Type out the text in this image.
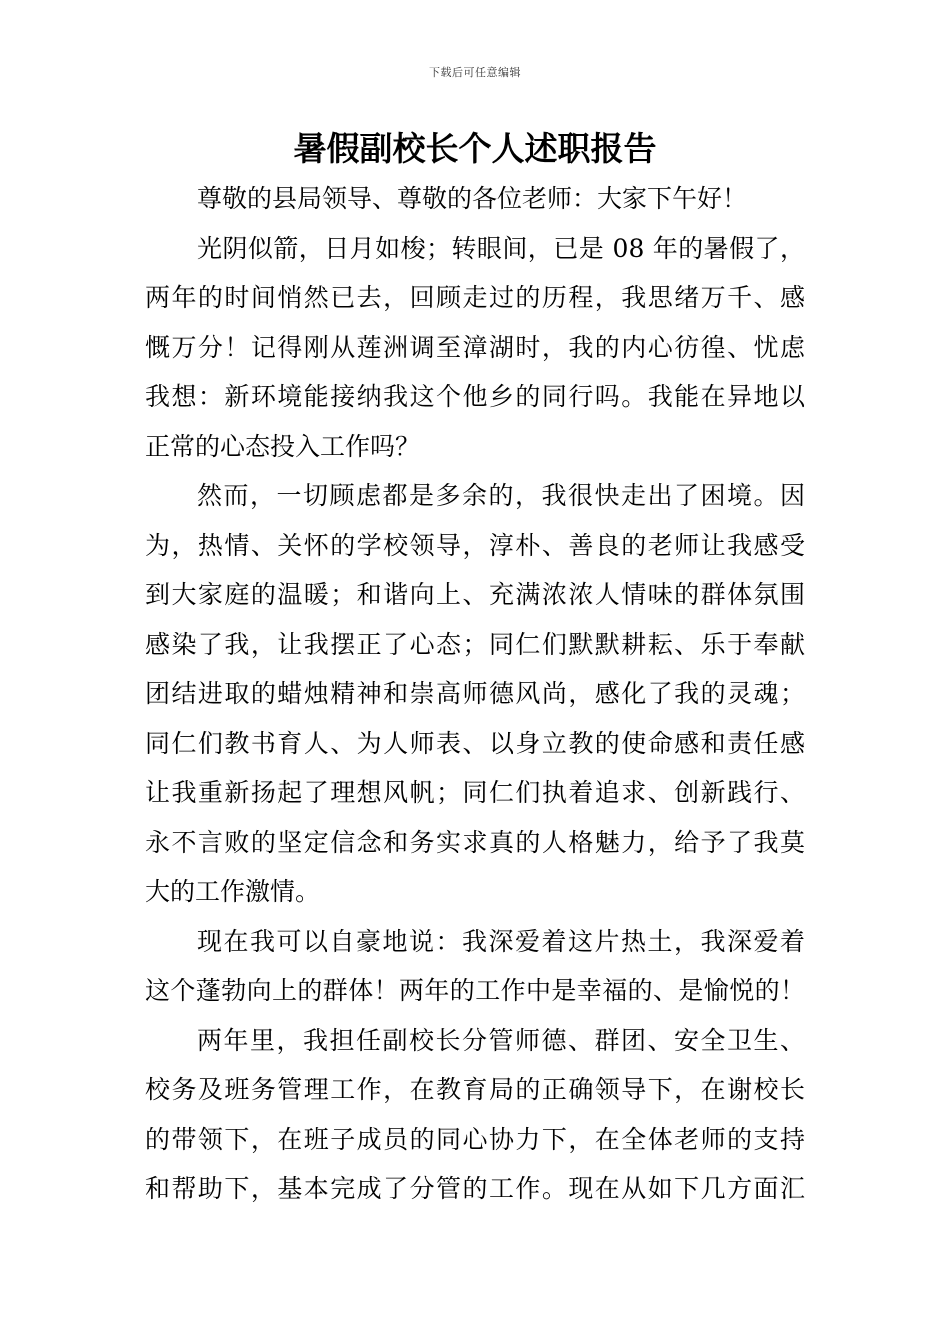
下载后可任意编辑
暑假副校长个人述职报告
尊敬的县局领导、尊敬的各位老师：大家下午好！
光阴似箭，日月如梭；转眼间，已是 08 年的暑假了，
两年的时间悄然已去，回顾走过的历程，我思绪万千、感
慨万分！记得刚从莲洲调至漳湖时，我的内心彷徨、忧虑
我想：新环境能接纳我这个他乡的同行吗。我能在异地以
正常的心态投入工作吗？
然而，一切顾虑都是多余的，我很快走出了困境。因
为，热情、关怀的学校领导，淳朴、善良的老师让我感受
到大家庭的温暖；和谐向上、充满浓浓人情味的群体氛围
感染了我，让我摆正了心态；同仁们默默耕耘、乐于奉献
团结进取的蜡烛精神和崇高师德风尚，感化了我的灵魂；
同仁们教书育人、为人师表、以身立教的使命感和责任感
让我重新扬起了理想风帆；同仁们执着追求、创新践行、
永不言败的坚定信念和务实求真的人格魅力，给予了我莫
大的工作激情。
现在我可以自豪地说：我深爱着这片热土，我深爱着
这个蓬勃向上的群体！两年的工作中是幸福的、是愉悦的！
两年里，我担任副校长分管师德、群团、安全卫生、
校务及班务管理工作，在教育局的正确领导下，在谢校长
的带领下，在班子成员的同心协力下，在全体老师的支持
和帮助下，基本完成了分管的工作。现在从如下几方面汇
